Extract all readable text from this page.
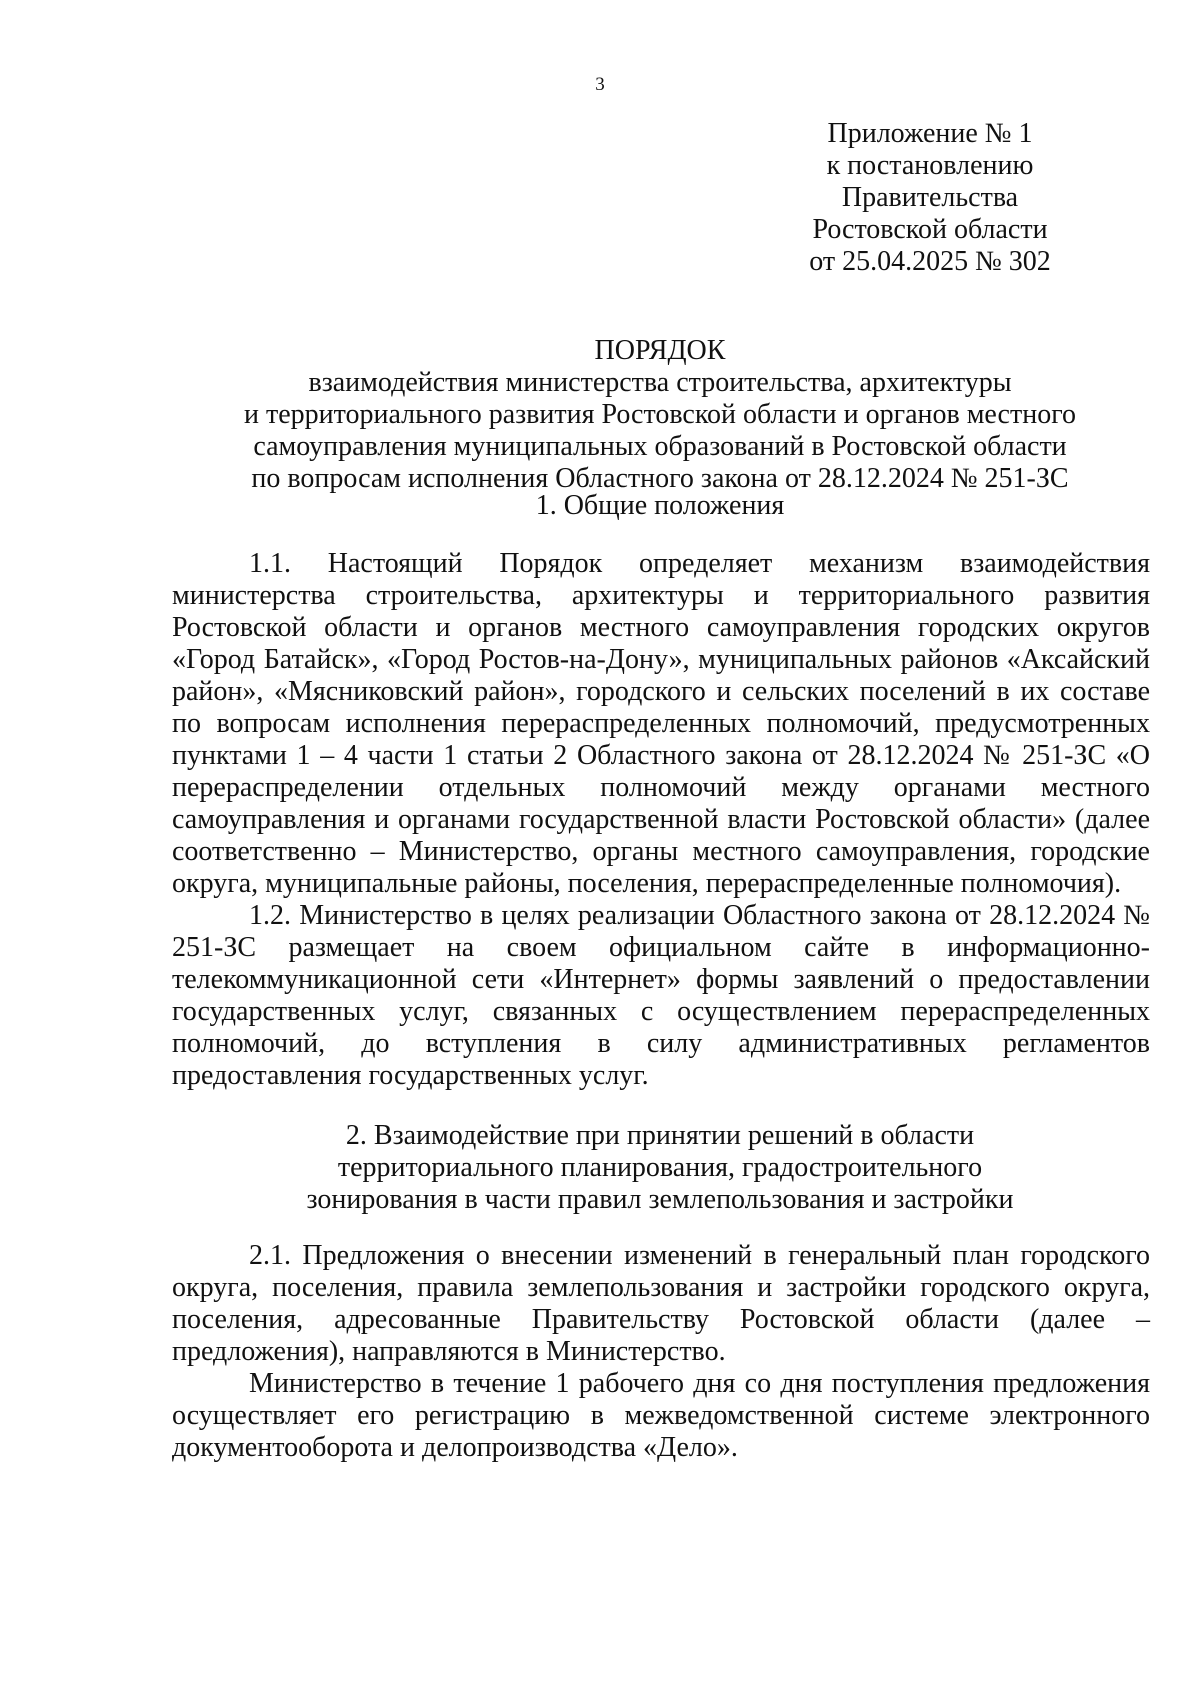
3
Приложение № 1
к постановлению
Правительства
Ростовской области
от 25.04.2025 № 302
ПОРЯДОК
взаимодействия министерства строительства, архитектуры
и территориального развития Ростовской области и органов местного
самоуправления муниципальных образований в Ростовской области
по вопросам исполнения Областного закона от 28.12.2024 № 251-ЗС
1. Общие положения

1.1. Настоящий Порядок определяет механизм взаимодействия министерства строительства, архитектуры и территориального развития Ростовской области и органов местного самоуправления городских округов «Город Батайск», «Город Ростов-на-Дону», муниципальных районов «Аксайский район», «Мясниковский район», городского и сельских поселений в их составе по вопросам исполнения перераспределенных полномочий, предусмотренных пунктами 1 – 4 части 1 статьи 2 Областного закона от 28.12.2024 № 251-ЗС «О перераспределении отдельных полномочий между органами местного самоуправления и органами государственной власти Ростовской области» (далее соответственно – Министерство, органы местного самоуправления, городские округа, муниципальные районы, поселения, перераспределенные полномочия).

1.2. Министерство в целях реализации Областного закона от 28.12.2024 № 251-ЗС размещает на своем официальном сайте в информационно-телекоммуникационной сети «Интернет» формы заявлений о предоставлении государственных услуг, связанных с осуществлением перераспределенных полномочий, до вступления в силу административных регламентов предоставления государственных услуг.

2. Взаимодействие при принятии решений в области
территориального планирования, градостроительного
зонирования в части правил землепользования и застройки

2.1. Предложения о внесении изменений в генеральный план городского округа, поселения, правила землепользования и застройки городского округа, поселения, адресованные Правительству Ростовской области (далее – предложения), направляются в Министерство.

Министерство в течение 1 рабочего дня со дня поступления предложения осуществляет его регистрацию в межведомственной системе электронного документооборота и делопроизводства «Дело».
